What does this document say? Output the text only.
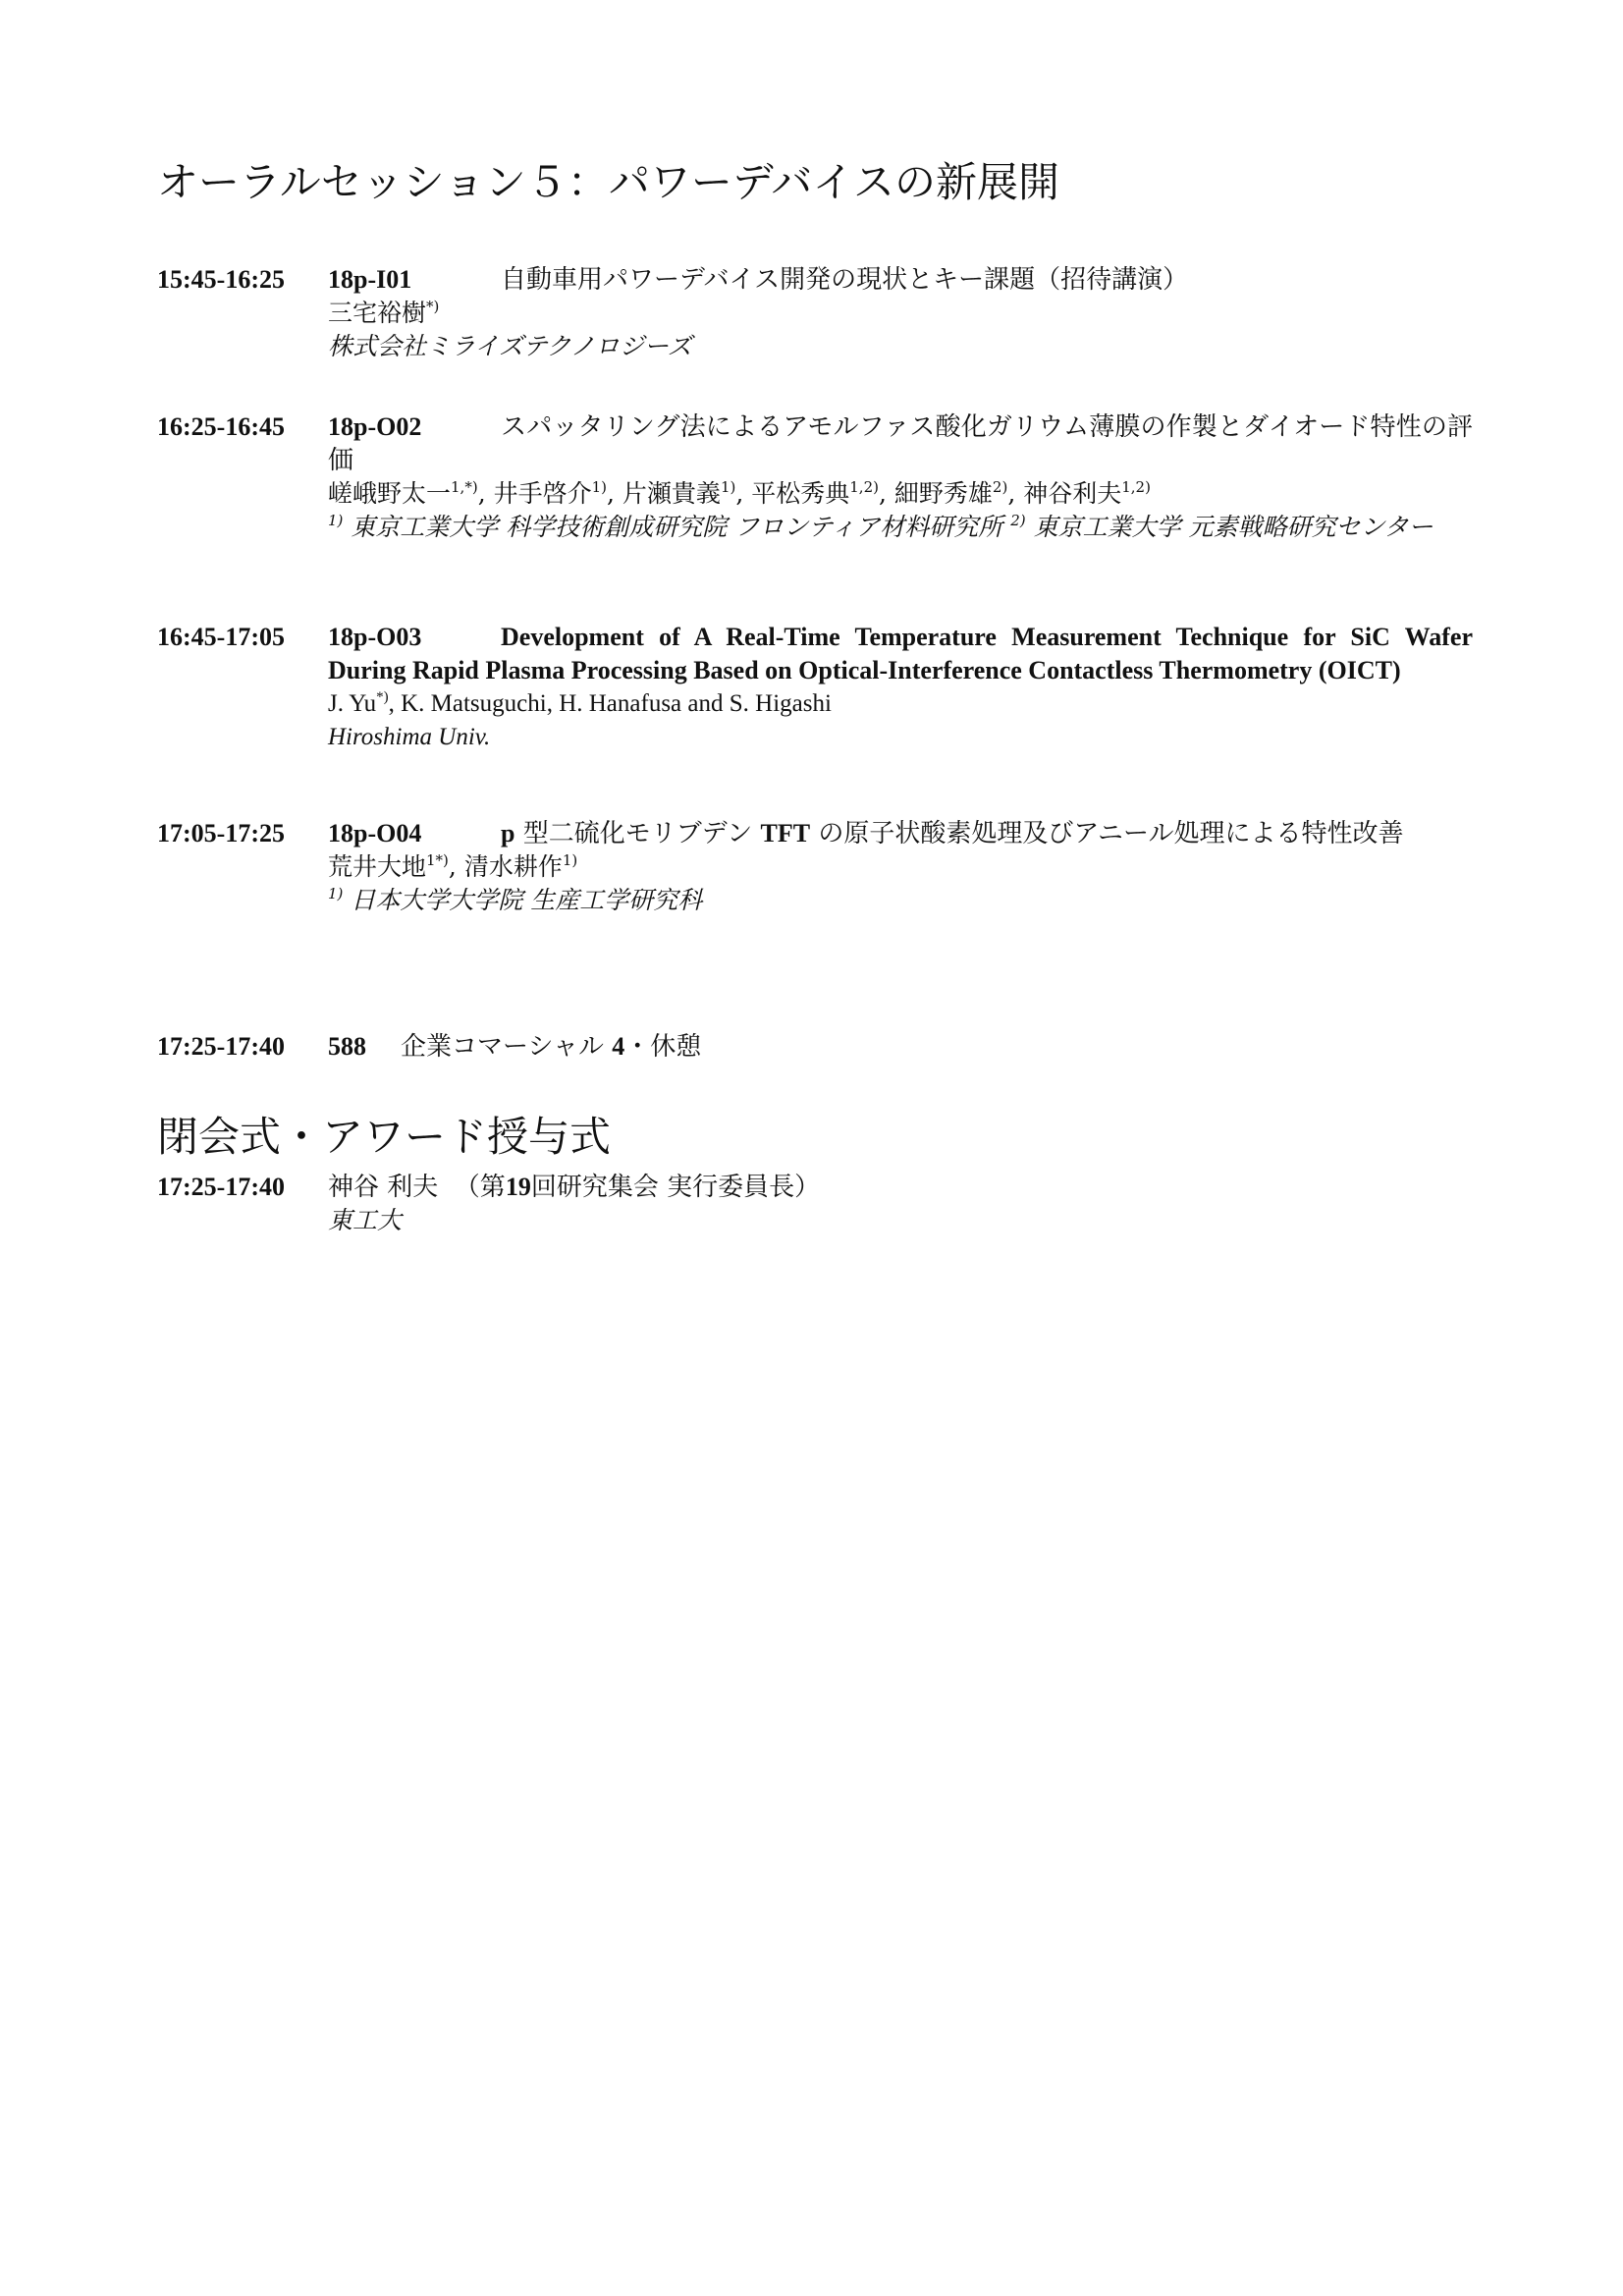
オーラルセッション５：パワーデバイスの新展開
15:45-16:25 18p-I01	自動車用パワーデバイス開発の現状とキー課題（招待講演）
三宅裕樹*)
株式会社ミライズテクノロジーズ
16:25-16:45 18p-O02	スパッタリング法によるアモルファス酸化ガリウム薄膜の作製とダイオード特性の評価
嵯峨野太一$^{1,*)}$, 井手啓介$^{1)}$, 片瀬貴義$^{1)}$, 平松秀典$^{1,2)}$, 細野秀雄$^{2)}$, 神谷利夫$^{1,2)}$
$^{1)}$ 東京工業大学 科学技術創成研究院 フロンティア材料研究所 $^{2)}$ 東京工業大学 元素戦略研究センター
16:45-17:05 18p-O03	Development of A Real-Time Temperature Measurement Technique for SiC Wafer During Rapid Plasma Processing Based on Optical-Interference Contactless Thermometry (OICT)
J. Yu*), K. Matsuguchi, H. Hanafusa and S. Higashi
Hiroshima Univ.
17:05-17:25 18p-O04	p 型二硫化モリブデン TFT の原子状酸素処理及びアニール処理による特性改善
荒井大地$^{1*)}$, 清水耕作$^{1)}$
$^{1)}$ 日本大学大学院 生産工学研究科
17:25-17:40 588 企業コマーシャル 4・休憩
閉会式・アワード授与式
17:25-17:40 神谷 利夫 （第19回研究集会 実行委員長）
東工大
